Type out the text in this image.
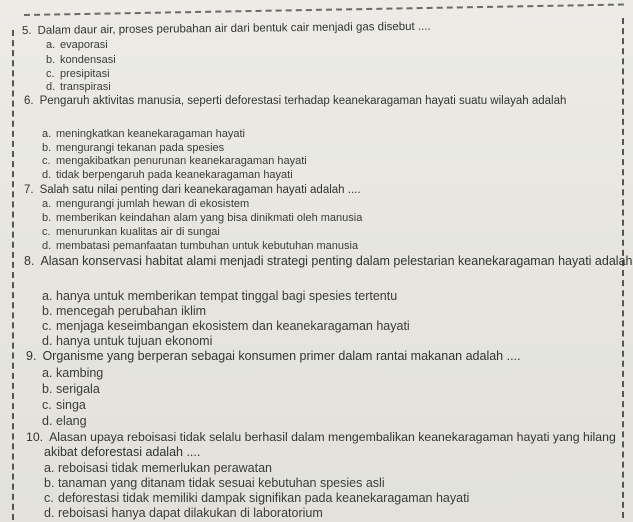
5. Dalam daur air, proses perubahan air dari bentuk cair menjadi gas disebut ....
a. evaporasi
b. kondensasi
c. presipitasi
d. transpirasi
6. Pengaruh aktivitas manusia, seperti deforestasi terhadap keanekaragaman hayati suatu wilayah adalah
a. meningkatkan keanekaragaman hayati
b. mengurangi tekanan pada spesies
c. mengakibatkan penurunan keanekaragaman hayati
d. tidak berpengaruh pada keanekaragaman hayati
7. Salah satu nilai penting dari keanekaragaman hayati adalah ....
a. mengurangi jumlah hewan di ekosistem
b. memberikan keindahan alam yang bisa dinikmati oleh manusia
c. menurunkan kualitas air di sungai
d. membatasi pemanfaatan tumbuhan untuk kebutuhan manusia
8. Alasan konservasi habitat alami menjadi strategi penting dalam pelestarian keanekaragaman hayati adalah
a. hanya untuk memberikan tempat tinggal bagi spesies tertentu
b. mencegah perubahan iklim
c. menjaga keseimbangan ekosistem dan keanekaragaman hayati
d. hanya untuk tujuan ekonomi
9. Organisme yang berperan sebagai konsumen primer dalam rantai makanan adalah ....
a. kambing
b. serigala
c. singa
d. elang
10. Alasan upaya reboisasi tidak selalu berhasil dalam mengembalikan keanekaragaman hayati yang hilang
akibat deforestasi adalah ....
a. reboisasi tidak memerlukan perawatan
b. tanaman yang ditanam tidak sesuai kebutuhan spesies asli
c. deforestasi tidak memiliki dampak signifikan pada keanekaragaman hayati
d. reboisasi hanya dapat dilakukan di laboratorium
